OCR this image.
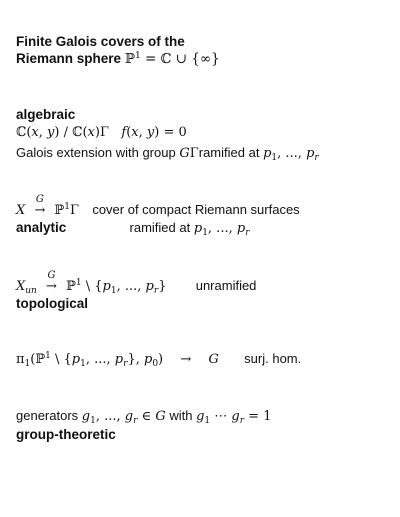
Finite Galois covers of the
Riemann sphere ℙ$^1$ = ℂ ∪ {∞}
algebraic
ℂ(x, y) / ℂ(x)Γ   f(x, y) = 0
Galois extension with group GΓramified at $p_1$, ..., $p_r$
X
G
→ ℙ$^1$Γ cover of compact Riemann surfaces
analytic	ramified at $p_1$, ..., $p_r$
$X_{un}$
G
→ ℙ$^1$ \ {$p_1$, ..., $p_r$} unramified
topological
$\pi_1(ℙ^1$ \ {$p_1$, ..., $p_r$}, $p_0) \to G$ surj. hom.
generators $g_1$, ..., $g_r$ ∈ G with $g_1$ ⋯ $g_r = 1$
group-theoretic
